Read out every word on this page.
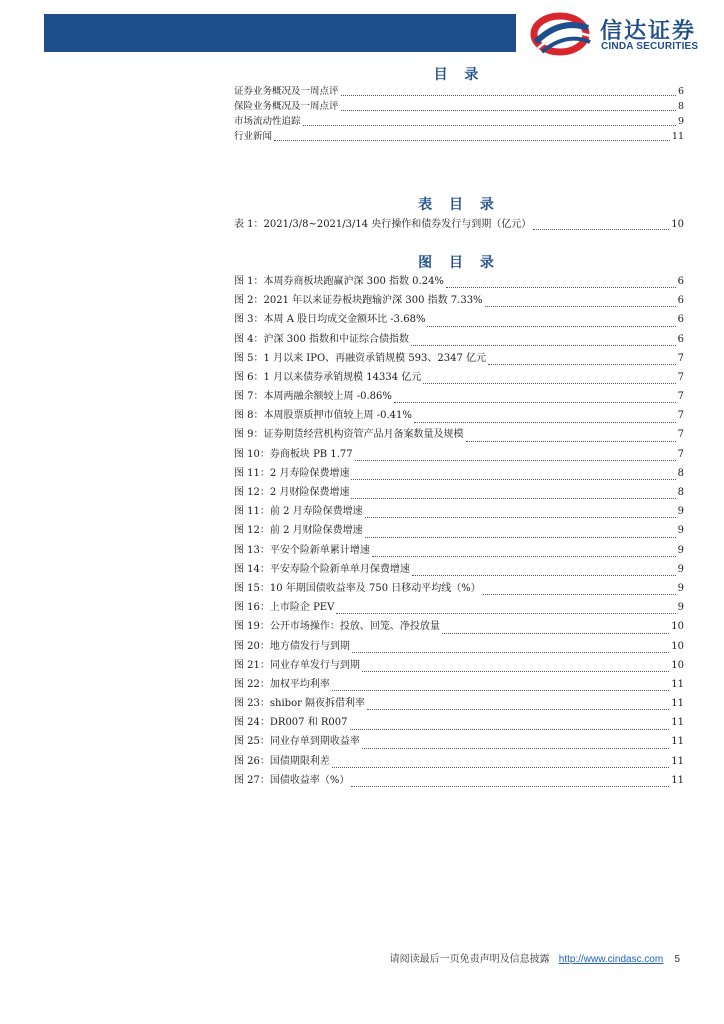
信达证券
CINDA SECURITIES
目 录
证券业务概况及一周点评	6
保险业务概况及一周点评	8
市场流动性追踪	9
行业新闻	11
表 目 录
表 1：2021/3/8~2021/3/14 央行操作和债券发行与到期（亿元）	10
图 目 录
图 1：本周券商板块跑赢沪深 300 指数 0.24%	6
图 2：2021 年以来证券板块跑输沪深 300 指数 7.33%	6
图 3：本周 A 股日均成交金额环比 -3.68%	6
图 4：沪深 300 指数和中证综合债指数	6
图 5：1 月以来 IPO、再融资承销规模 593、2347 亿元	7
图 6：1 月以来债券承销规模 14334 亿元	7
图 7：本周两融余额较上周 -0.86%	7
图 8：本周股票质押市值较上周 -0.41%	7
图 9：证券期货经营机构资管产品月备案数量及规模	7
图 10：券商板块 PB 1.77	7
图 11：2 月寿险保费增速	8
图 12：2 月财险保费增速	8
图 11：前 2 月寿险保费增速	9
图 12：前 2 月财险保费增速	9
图 13：平安个险新单累计增速	9
图 14：平安寿险个险新单单月保费增速	9
图 15：10 年期国债收益率及 750 日移动平均线（%）	9
图 16：上市险企 PEV	9
图 19：公开市场操作：投放、回笼、净投放量	10
图 20：地方债发行与到期	10
图 21：同业存单发行与到期	10
图 22：加权平均利率	11
图 23：shibor 隔夜拆借利率	11
图 24：DR007 和 R007	11
图 25：同业存单到期收益率	11
图 26：国债期限利差	11
图 27：国债收益率（%）	11
请阅读最后一页免责声明及信息披露 http://www.cindasc.com 5
